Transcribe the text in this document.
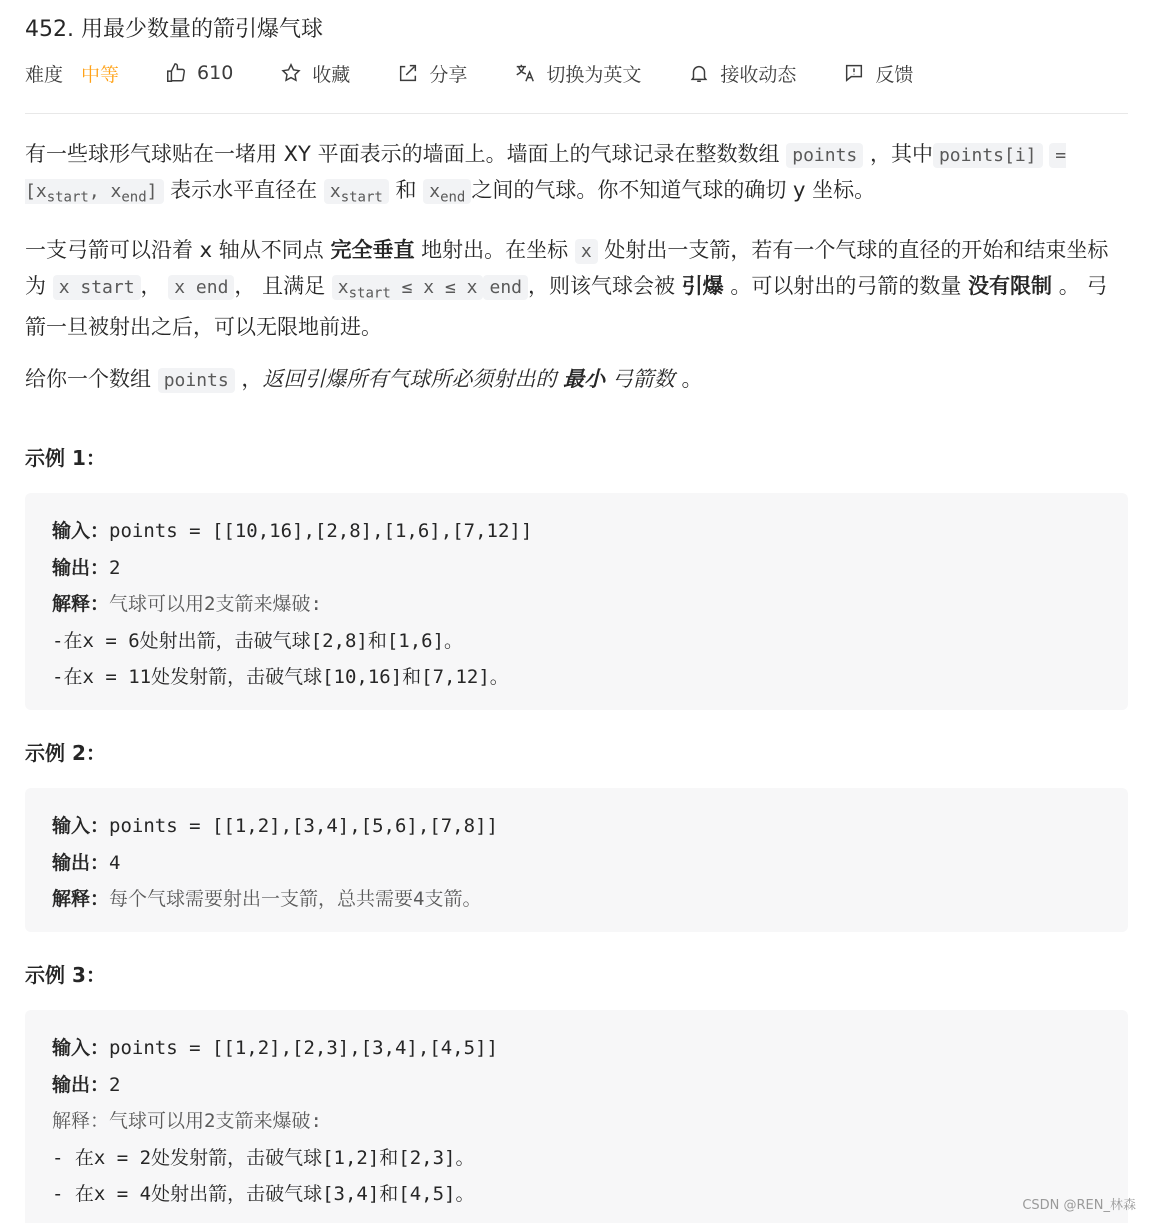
452. 用最少数量的箭引爆气球
难度 中等	610	收藏	分享	切换为英文	接收动态	反馈

有一些球形气球贴在一堵用 XY 平面表示的墙面上。墙面上的气球记录在整数数组 points ，其中 points[i] = [$x_{start}$, $x_{end}$] 表示水平直径在 $x_{start}$ 和 $x_{end}$ 之间的气球。你不知道气球的确切 y 坐标。

一支弓箭可以沿着 x 轴从不同点 完全垂直 地射出。在坐标 x 处射出一支箭，若有一个气球的直径的开始和结束坐标为 x start ， x end ， 且满足 $x_{start} \le x \le x$ end ，则该气球会被 引爆 。可以射出的弓箭的数量 没有限制 。 弓箭一旦被射出之后，可以无限地前进。

给你一个数组 points ，返回引爆所有气球所必须射出的 最小 弓箭数 。

示例 1：
输入：points = [[10,16],[2,8],[1,6],[7,12]]
输出：2
解释：气球可以用2支箭来爆破:
-在x = 6处射出箭，击破气球[2,8]和[1,6]。
-在x = 11处发射箭，击破气球[10,16]和[7,12]。
示例 2：
输入：points = [[1,2],[3,4],[5,6],[7,8]]
输出：4
解释：每个气球需要射出一支箭，总共需要4支箭。
示例 3：
输入：points = [[1,2],[2,3],[3,4],[4,5]]
输出：2
解释：气球可以用2支箭来爆破:
- 在x = 2处发射箭，击破气球[1,2]和[2,3]。
- 在x = 4处射出箭，击破气球[3,4]和[4,5]。
CSDN @REN_林森
